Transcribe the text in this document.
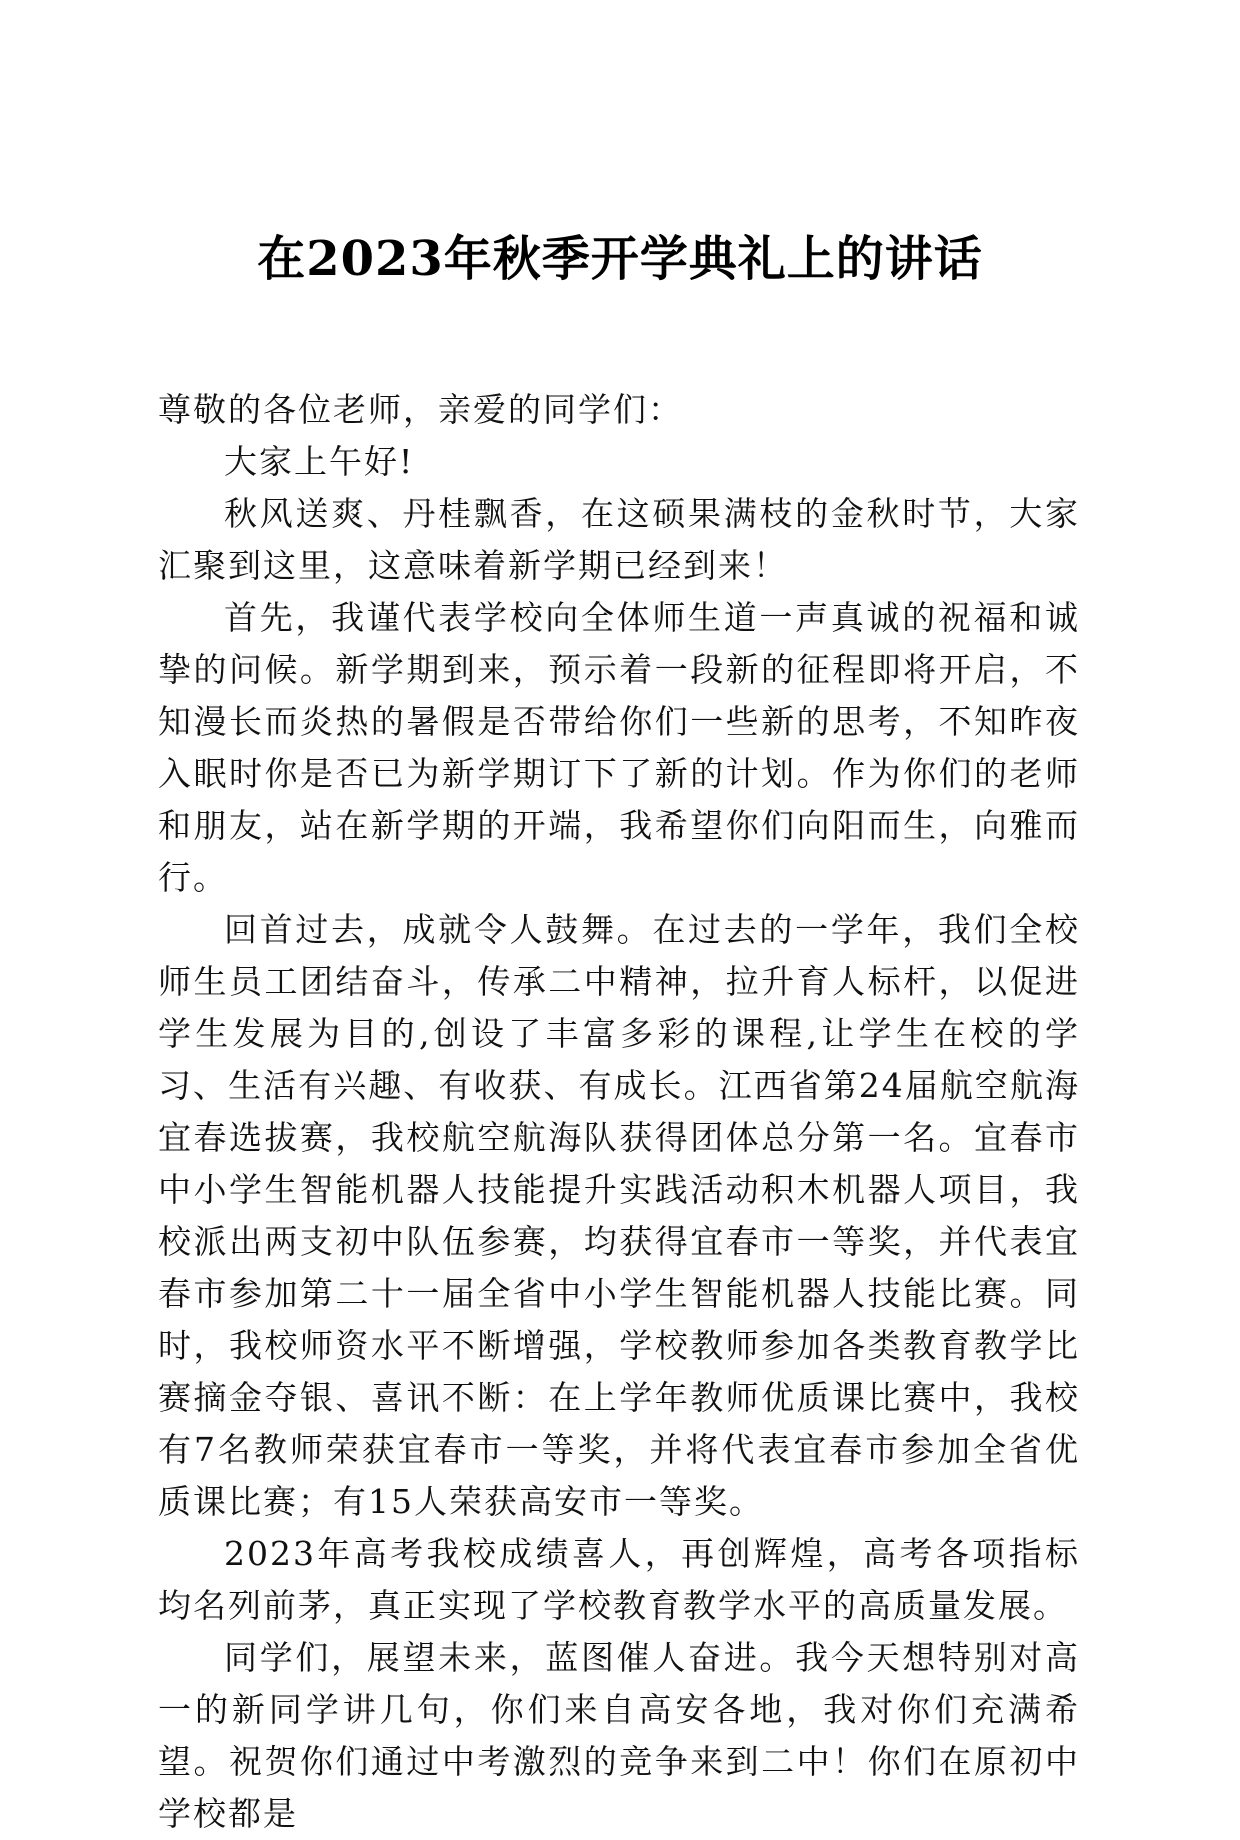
在2023年秋季开学典礼上的讲话

尊敬的各位老师，亲爱的同学们：

大家上午好!

秋风送爽、丹桂飘香，在这硕果满枝的金秋时节，大家汇聚到这里，这意味着新学期已经到来！

首先，我谨代表学校向全体师生道一声真诚的祝福和诚挚的问候。新学期到来，预示着一段新的征程即将开启，不知漫长而炎热的暑假是否带给你们一些新的思考，不知昨夜入眠时你是否已为新学期订下了新的计划。作为你们的老师和朋友，站在新学期的开端，我希望你们向阳而生，向雅而行。

回首过去，成就令人鼓舞。在过去的一学年，我们全校师生员工团结奋斗，传承二中精神，拉升育人标杆，以促进学生发展为目的,创设了丰富多彩的课程,让学生在校的学习、生活有兴趣、有收获、有成长。江西省第24届航空航海宜春选拔赛，我校航空航海队获得团体总分第一名。宜春市中小学生智能机器人技能提升实践活动积木机器人项目，我校派出两支初中队伍参赛，均获得宜春市一等奖，并代表宜春市参加第二十一届全省中小学生智能机器人技能比赛。同时，我校师资水平不断增强，学校教师参加各类教育教学比赛摘金夺银、喜讯不断：在上学年教师优质课比赛中，我校有7名教师荣获宜春市一等奖，并将代表宜春市参加全省优质课比赛；有15人荣获高安市一等奖。

2023年高考我校成绩喜人，再创辉煌，高考各项指标均名列前茅，真正实现了学校教育教学水平的高质量发展。

同学们，展望未来，蓝图催人奋进。我今天想特别对高一的新同学讲几句，你们来自高安各地，我对你们充满希望。祝贺你们通过中考激烈的竞争来到二中！你们在原初中学校都是
